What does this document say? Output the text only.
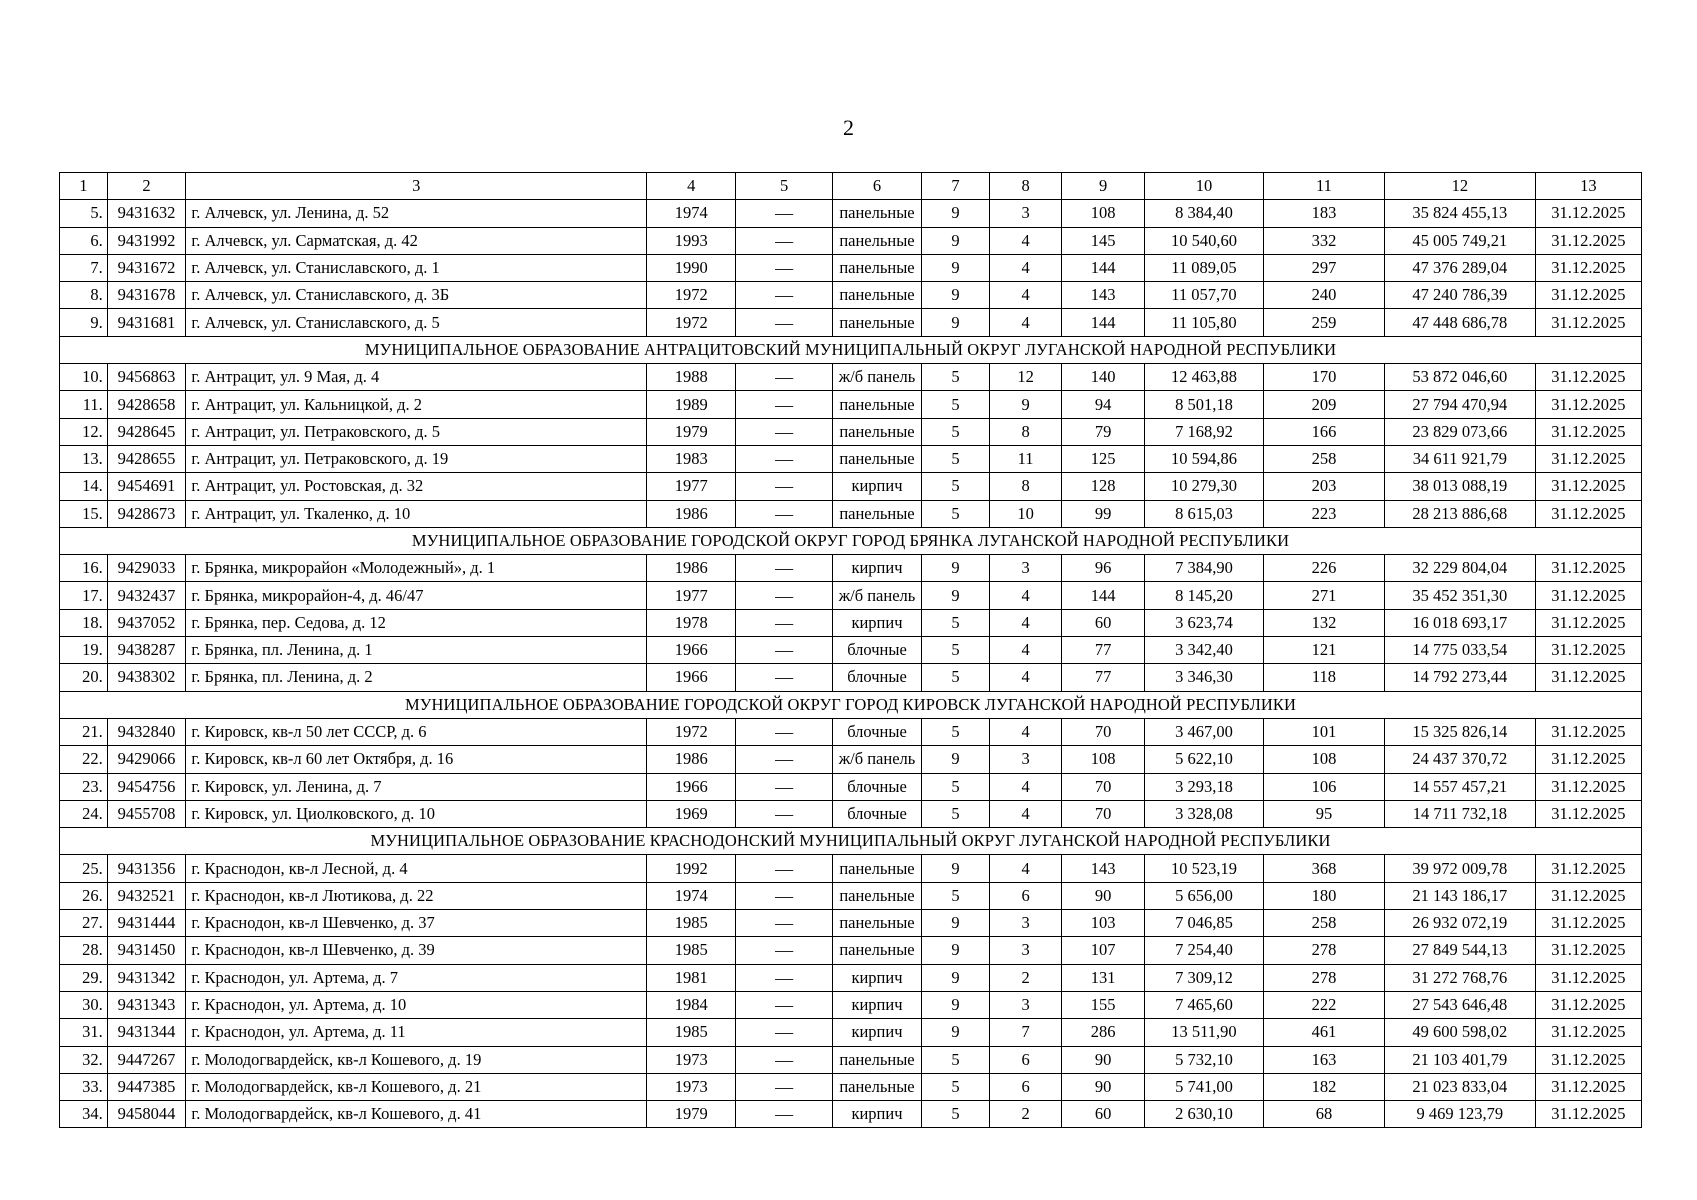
2
1	2	3	4	5	6	7	8	9	10	11	12	13
5.	9431632	г. Алчевск, ул. Ленина, д. 52	1974	—	панельные	9	3	108	8 384,40	183	35 824 455,13	31.12.2025
6.	9431992	г. Алчевск, ул. Сарматская, д. 42	1993	—	панельные	9	4	145	10 540,60	332	45 005 749,21	31.12.2025
7.	9431672	г. Алчевск, ул. Станиславского, д. 1	1990	—	панельные	9	4	144	11 089,05	297	47 376 289,04	31.12.2025
8.	9431678	г. Алчевск, ул. Станиславского, д. 3Б	1972	—	панельные	9	4	143	11 057,70	240	47 240 786,39	31.12.2025
9.	9431681	г. Алчевск, ул. Станиславского, д. 5	1972	—	панельные	9	4	144	11 105,80	259	47 448 686,78	31.12.2025
МУНИЦИПАЛЬНОЕ ОБРАЗОВАНИЕ АНТРАЦИТОВСКИЙ МУНИЦИПАЛЬНЫЙ ОКРУГ ЛУГАНСКОЙ НАРОДНОЙ РЕСПУБЛИКИ												
10.	9456863	г. Антрацит, ул. 9 Мая, д. 4	1988	—	ж/б панель	5	12	140	12 463,88	170	53 872 046,60	31.12.2025
11.	9428658	г. Антрацит, ул. Кальницкой, д. 2	1989	—	панельные	5	9	94	8 501,18	209	27 794 470,94	31.12.2025
12.	9428645	г. Антрацит, ул. Петраковского, д. 5	1979	—	панельные	5	8	79	7 168,92	166	23 829 073,66	31.12.2025
13.	9428655	г. Антрацит, ул. Петраковского, д. 19	1983	—	панельные	5	11	125	10 594,86	258	34 611 921,79	31.12.2025
14.	9454691	г. Антрацит, ул. Ростовская, д. 32	1977	—	кирпич	5	8	128	10 279,30	203	38 013 088,19	31.12.2025
15.	9428673	г. Антрацит, ул. Ткаленко, д. 10	1986	—	панельные	5	10	99	8 615,03	223	28 213 886,68	31.12.2025
МУНИЦИПАЛЬНОЕ ОБРАЗОВАНИЕ ГОРОДСКОЙ ОКРУГ ГОРОД БРЯНКА ЛУГАНСКОЙ НАРОДНОЙ РЕСПУБЛИКИ												
16.	9429033	г. Брянка, микрорайон «Молодежный», д. 1	1986	—	кирпич	9	3	96	7 384,90	226	32 229 804,04	31.12.2025
17.	9432437	г. Брянка, микрорайон-4, д. 46/47	1977	—	ж/б панель	9	4	144	8 145,20	271	35 452 351,30	31.12.2025
18.	9437052	г. Брянка, пер. Седова, д. 12	1978	—	кирпич	5	4	60	3 623,74	132	16 018 693,17	31.12.2025
19.	9438287	г. Брянка, пл. Ленина, д. 1	1966	—	блочные	5	4	77	3 342,40	121	14 775 033,54	31.12.2025
20.	9438302	г. Брянка, пл. Ленина, д. 2	1966	—	блочные	5	4	77	3 346,30	118	14 792 273,44	31.12.2025
МУНИЦИПАЛЬНОЕ ОБРАЗОВАНИЕ ГОРОДСКОЙ ОКРУГ ГОРОД КИРОВСК ЛУГАНСКОЙ НАРОДНОЙ РЕСПУБЛИКИ												
21.	9432840	г. Кировск, кв-л 50 лет СССР, д. 6	1972	—	блочные	5	4	70	3 467,00	101	15 325 826,14	31.12.2025
22.	9429066	г. Кировск, кв-л 60 лет Октября, д. 16	1986	—	ж/б панель	9	3	108	5 622,10	108	24 437 370,72	31.12.2025
23.	9454756	г. Кировск, ул. Ленина, д. 7	1966	—	блочные	5	4	70	3 293,18	106	14 557 457,21	31.12.2025
24.	9455708	г. Кировск, ул. Циолковского, д. 10	1969	—	блочные	5	4	70	3 328,08	95	14 711 732,18	31.12.2025
МУНИЦИПАЛЬНОЕ ОБРАЗОВАНИЕ КРАСНОДОНСКИЙ МУНИЦИПАЛЬНЫЙ ОКРУГ ЛУГАНСКОЙ НАРОДНОЙ РЕСПУБЛИКИ												
25.	9431356	г. Краснодон, кв-л Лесной, д. 4	1992	—	панельные	9	4	143	10 523,19	368	39 972 009,78	31.12.2025
26.	9432521	г. Краснодон, кв-л Лютикова, д. 22	1974	—	панельные	5	6	90	5 656,00	180	21 143 186,17	31.12.2025
27.	9431444	г. Краснодон, кв-л Шевченко, д. 37	1985	—	панельные	9	3	103	7 046,85	258	26 932 072,19	31.12.2025
28.	9431450	г. Краснодон, кв-л Шевченко, д. 39	1985	—	панельные	9	3	107	7 254,40	278	27 849 544,13	31.12.2025
29.	9431342	г. Краснодон, ул. Артема, д. 7	1981	—	кирпич	9	2	131	7 309,12	278	31 272 768,76	31.12.2025
30.	9431343	г. Краснодон, ул. Артема, д. 10	1984	—	кирпич	9	3	155	7 465,60	222	27 543 646,48	31.12.2025
31.	9431344	г. Краснодон, ул. Артема, д. 11	1985	—	кирпич	9	7	286	13 511,90	461	49 600 598,02	31.12.2025
32.	9447267	г. Молодогвардейск, кв-л Кошевого, д. 19	1973	—	панельные	5	6	90	5 732,10	163	21 103 401,79	31.12.2025
33.	9447385	г. Молодогвардейск, кв-л Кошевого, д. 21	1973	—	панельные	5	6	90	5 741,00	182	21 023 833,04	31.12.2025
34.	9458044	г. Молодогвардейск, кв-л Кошевого, д. 41	1979	—	кирпич	5	2	60	2 630,10	68	9 469 123,79	31.12.2025
